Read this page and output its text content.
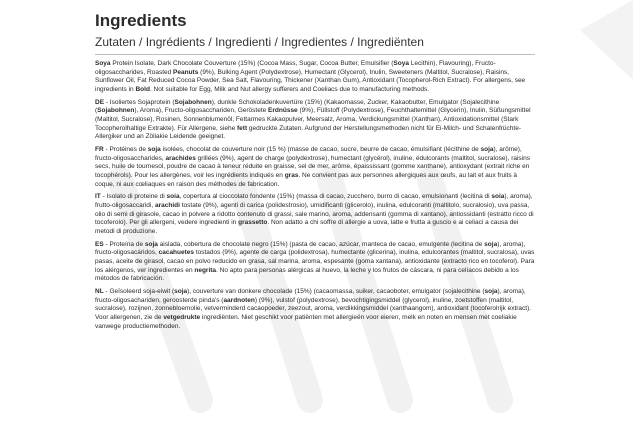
Ingredients
Zutaten / Ingrédients / Ingredienti / Ingredientes / Ingrediënten

Soya Protein Isolate, Dark Chocolate Couverture (15%) (Cocoa Mass, Sugar, Cocoa Butter, Emulsifier (Soya Lecithin), Flavouring), Fructo-oligosaccharides, Roasted Peanuts (9%), Bulking Agent (Polydextrose), Humectant (Glycerol), Inulin, Sweeteners (Maltitol, Sucralose), Raisins, Sunflower Oil, Fat Reduced Cocoa Powder, Sea Salt, Flavouring, Thickener (Xanthan Gum), Antioxidant (Tocopherol-Rich Extract). For allergens, see ingredients in Bold. Not suitable for Egg, Milk and Nut allergy sufferers and Coeliacs due to manufacturing methods.

DE - Isoliertes Sojaprotein (Sojabohnen), dunkle Schokoladenkuvertüre (15%) (Kakaomasse, Zucker, Kakaobutter, Emulgator (Sojalecithine (Sojabohnen), Aroma), Fructo-oligosacchariden, Geröstete Erdnüsse (9%), Füllstoff (Polydextrose), Feuchthaltemittel (Glycerin), Inulin, Süßungsmittel (Maltitol, Sucralose), Rosinen, Sonnenblumenöl, Fettarmes Kakaopulver, Meersalz, Aroma, Verdickungsmittel (Xanthan), Antioxidationsmittel (Stark Tocopherolhaltige Extrakte). Für Allergene, siehe fett gedruckte Zutaten. Aufgrund der Herstellungsmethoden nicht für Ei-Milch- und Schalenfrüchte-Allergiker und an Zöliakie Leidende geeignet.

FR - Protéines de soja isolées, chocolat de couverture noir (15 %) (masse de cacao, sucre, beurre de cacao, émulsifiant (lécithine de soja), arôme), fructo-oligosaccharides, arachides grillées (9%), agent de charge (polydextrose), humectant (glycérol), inuline, édulcorants (maltitol, sucralose), raisins secs, huile de tournesol, poudre de cacao à teneur réduite en graisse, sel de mer, arôme, épaississant (gomme xanthane), antioxydant (extrait riche en tocophérols). Pour les allergènes, voir les ingrédients indiqués en gras. Ne convient pas aux personnes allergiques aux œufs, au lait et aux fruits à coque, ni aux cœliaques en raison des méthodes de fabrication.

IT - Isolato di proteine di soia, copertura al cioccolato fondente (15%) (massa di cacao, zucchero, burro di cacao, emulsionanti (lecitina di soia), aroma), frutto-oligosaccaridi, arachidi tostate (9%), agenti di carica (polidestrosio), umidificanti (glicerolo), inulina, edulcoranti (maltitolo, sucralosio), uva passa, olio di semi di girasole, cacao in polvere a ridotto contenuto di grassi, sale marino, aroma, addensanti (gomma di xantano), antiossidanti (estratto ricco di tocoferolo). Per gli allergeni, vedere ingredienti in grassetto. Non adatto a chi soffre di allergie a uova, latte e frutta a guscio e ai celiaci a causa dei metodi di produzione.

ES - Proteína de soja aislada, cobertura de chocolate negro (15%) (pasta de cacao, azúcar, manteca de cacao, emulgente (lecitina de soja), aroma), fructo-oligosacáridos, cacahuetes tostados (9%), agente de carga (polidextrosa), humectante (glicerina), inulina, edulcorantes (maltitol, sucralosa), uvas pasas, aceite de girasol, cacao en polvo reducido en grasa, sal marina, aroma, espesante (goma xantana), antioxidante (extracto rico en tocoferol). Para los alérgenos, ver ingredientes en negrita. No apto para personas alérgicas al huevo, la leche y los frutos de cáscara, ni para celíacos debido a los métodos de fabricación.

NL - Geïsoleerd soja-eiwit (soja), couverture van donkere chocolade (15%) (cacaomassa, suiker, cacaoboter, emulgator (sojalecithine (soja), aroma), fructo-oligosachariden, geroosterde pinda's (aardnoten) (9%), vulstof (polydextrose), bevochtigingsmiddel (glycerol), inuline, zoetstoffen (maltitol, sucralose), rozijnen, zonnebloemolie, vetverminderd cacaopoeder, zeezout, aroma, verdikkingsmiddel (xanthaangom), antioxidant (tocoferolrijk extract). Voor allergenen, zie de vetgedrukte ingrediënten. Niet geschikt voor patiënten met allergieën voor eieren, melk en noten en mensen met coeliakie vanwege productiemethoden.
